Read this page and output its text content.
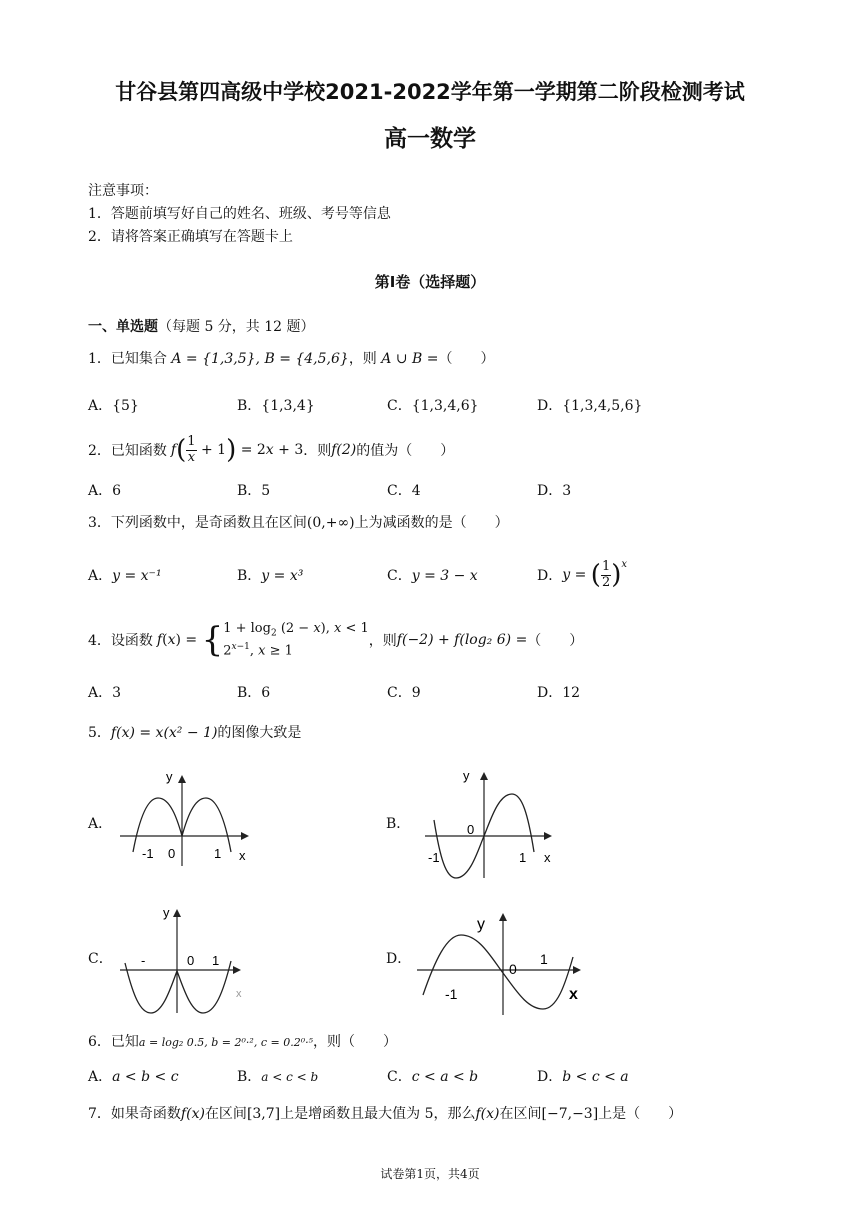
甘谷县第四高级中学校2021-2022学年第一学期第二阶段检测考试
高一数学
注意事项：
1．答题前填写好自己的姓名、班级、考号等信息
2．请将答案正确填写在答题卡上
第Ⅰ卷（选择题）
一、单选题（每题 5 分，共 12 题）
1．已知集合 A = {1,3,5}, B = {4,5,6}，则 A ∪ B =（　　）
A．{5}	B．{1,3,4}	C．{1,3,4,6}	D．{1,3,4,5,6}
2． 已知函数 f ( 1
x + 1 ) = 2x + 3 ．则 f(2) 的值为（　　）
A．6	B．5	C．4	D．3
3．下列函数中，是奇函数且在区间(0,+∞)上为减函数的是（　　）
A．y = x⁻¹	B．y = x³	C．y = 3 − x	D． y = ( 1
2 ) x
4． 设函数 f ( x ) = { $1 + \log_2 (2 - x)$, x < 1
$2^{x-1}$, x ≥ 1
，则 f(−2) + f(log₂ 6) = （　　）
A．3	B．6	C．9	D．12
5．f(x) = x(x² − 1)的图像大致是
A．
y
x
-1 0	1
B．
y
x
-1
0
1
C．
y
x
-	0 1	D．
y
x
-1
0
1
6．已知a = log₂ 0.5, b = 2⁰·², c = 0.2⁰·⁵，则（　　）
A．a < b < c	B．a < c < b	C．c < a < b	D．b < c < a
7．如果奇函数f(x)在区间[3,7]上是增函数且最大值为 5，那么f(x)在区间[−7,−3]上是（　　）
试卷第1页，共4页
